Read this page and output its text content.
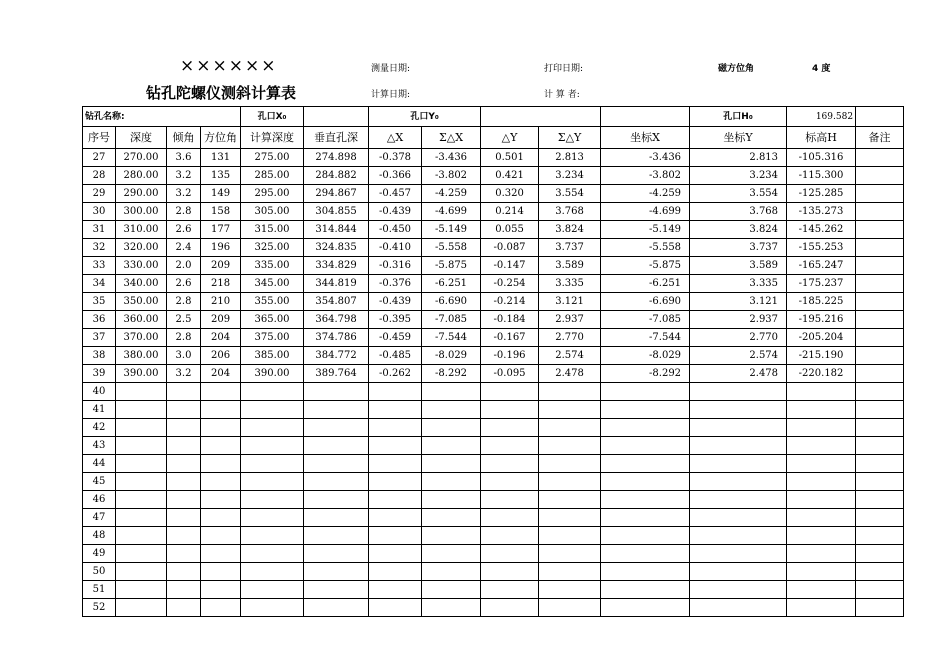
××××××
钻孔陀螺仪测斜计算表
测量日期:	打印日期:	磁方位角	4 度
计算日期:	计 算 者:
钻孔名称:				孔口X₀		孔口Y₀					孔口H₀	169.582	
序号	深度	倾角	方位角	计算深度	垂直孔深	△X	Σ△X	△Y	Σ△Y	坐标X	坐标Y	标高H	备注
27	270.00	3.6	131	275.00	274.898	-0.378	-3.436	0.501	2.813	-3.436	2.813	-105.316	
28	280.00	3.2	135	285.00	284.882	-0.366	-3.802	0.421	3.234	-3.802	3.234	-115.300	
29	290.00	3.2	149	295.00	294.867	-0.457	-4.259	0.320	3.554	-4.259	3.554	-125.285	
30	300.00	2.8	158	305.00	304.855	-0.439	-4.699	0.214	3.768	-4.699	3.768	-135.273	
31	310.00	2.6	177	315.00	314.844	-0.450	-5.149	0.055	3.824	-5.149	3.824	-145.262	
32	320.00	2.4	196	325.00	324.835	-0.410	-5.558	-0.087	3.737	-5.558	3.737	-155.253	
33	330.00	2.0	209	335.00	334.829	-0.316	-5.875	-0.147	3.589	-5.875	3.589	-165.247	
34	340.00	2.6	218	345.00	344.819	-0.376	-6.251	-0.254	3.335	-6.251	3.335	-175.237	
35	350.00	2.8	210	355.00	354.807	-0.439	-6.690	-0.214	3.121	-6.690	3.121	-185.225	
36	360.00	2.5	209	365.00	364.798	-0.395	-7.085	-0.184	2.937	-7.085	2.937	-195.216	
37	370.00	2.8	204	375.00	374.786	-0.459	-7.544	-0.167	2.770	-7.544	2.770	-205.204	
38	380.00	3.0	206	385.00	384.772	-0.485	-8.029	-0.196	2.574	-8.029	2.574	-215.190	
39	390.00	3.2	204	390.00	389.764	-0.262	-8.292	-0.095	2.478	-8.292	2.478	-220.182	
40													
41													
42													
43													
44													
45													
46													
47													
48													
49													
50													
51													
52													
